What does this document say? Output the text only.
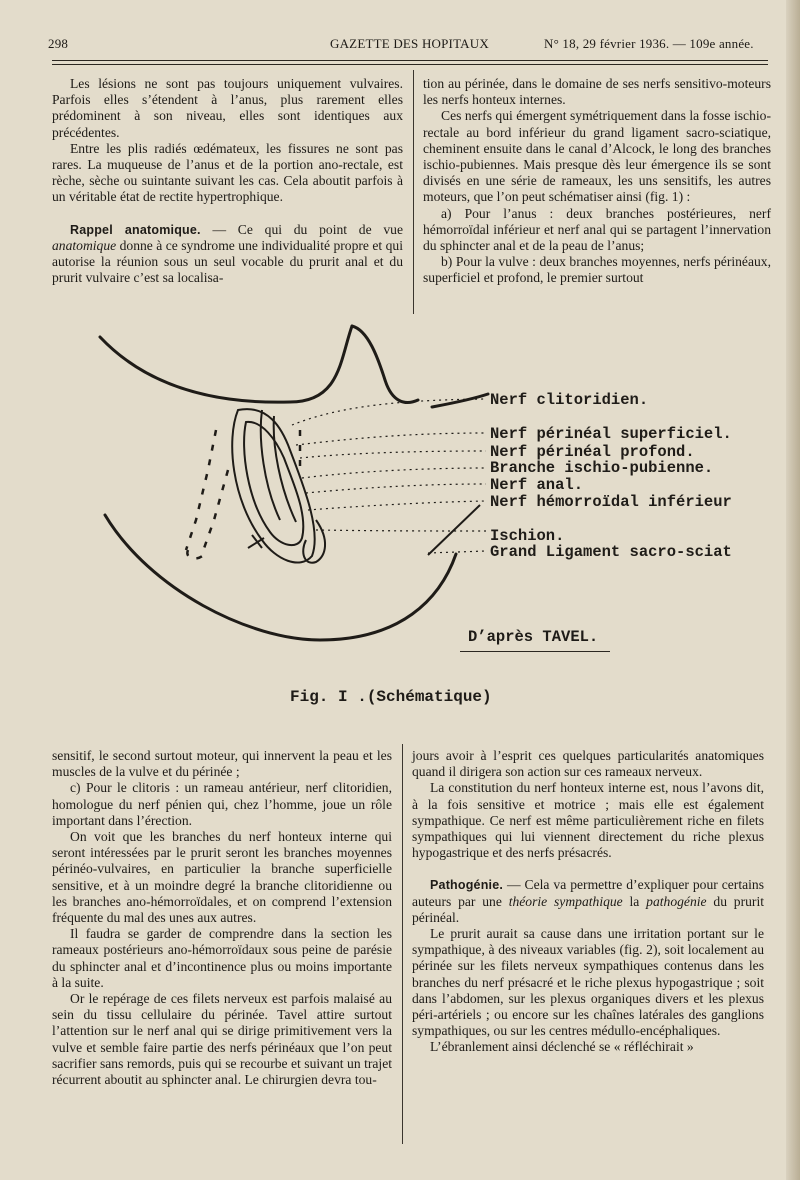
298	GAZETTE DES HOPITAUX	N° 18, 29 février 1936. — 109e année.

Les lésions ne sont pas toujours uniquement vulvaires. Parfois elles s’étendent à l’anus, plus rarement elles prédominent à son niveau, elles sont identiques aux précédentes.

Entre les plis radiés œdémateux, les fissures ne sont pas rares. La muqueuse de l’anus et de la portion ano-rectale, est rèche, sèche ou suintante suivant les cas. Cela aboutit parfois à un véritable état de rectite hypertrophique.

Rappel anatomique. — Ce qui du point de vue anatomique donne à ce syndrome une individualité propre et qui autorise la réunion sous un seul vocable du prurit anal et du prurit vulvaire c’est sa localisa-

tion au périnée, dans le domaine de ses nerfs sensitivo-moteurs les nerfs honteux internes.

Ces nerfs qui émergent symétriquement dans la fosse ischio-rectale au bord inférieur du grand ligament sacro-sciatique, cheminent ensuite dans le canal d’Alcock, le long des branches ischio-pubiennes. Mais presque dès leur émergence ils se sont divisés en une série de rameaux, les uns sensitifs, les autres moteurs, que l’on peut schématiser ainsi (fig. 1) :

a) Pour l’anus : deux branches postérieures, nerf hémorroïdal inférieur et nerf anal qui se partagent l’innervation du sphincter anal et de la peau de l’anus;

b) Pour la vulve : deux branches moyennes, nerfs périnéaux, superficiel et profond, le premier surtout

Nerf clitoridien.
Nerf périnéal superficiel.
Nerf périnéal profond.
Branche ischio-pubienne.
Nerf anal.
Nerf hémorroïdal inférieur
Ischion.
Grand Ligament sacro-sciat
D’après TAVEL.
Fig. I .(Schématique)

sensitif, le second surtout moteur, qui innervent la peau et les muscles de la vulve et du périnée ;

c) Pour le clitoris : un rameau antérieur, nerf clitoridien, homologue du nerf pénien qui, chez l’homme, joue un rôle important dans l’érection.

On voit que les branches du nerf honteux interne qui seront intéressées par le prurit seront les branches moyennes périnéo-vulvaires, en particulier la branche superficielle sensitive, et à un moindre degré la branche clitoridienne ou les branches ano-hémorroïdales, et on comprend l’extension fréquente du mal des unes aux autres.

Il faudra se garder de comprendre dans la section les rameaux postérieurs ano-hémorroïdaux sous peine de parésie du sphincter anal et d’incontinence plus ou moins importante à la suite.

Or le repérage de ces filets nerveux est parfois malaisé au sein du tissu cellulaire du périnée. Tavel attire surtout l’attention sur le nerf anal qui se dirige primitivement vers la vulve et semble faire partie des nerfs périnéaux que l’on peut sacrifier sans remords, puis qui se recourbe et suivant un trajet récurrent aboutit au sphincter anal. Le chirurgien devra tou-

jours avoir à l’esprit ces quelques particularités anatomiques quand il dirigera son action sur ces rameaux nerveux.

La constitution du nerf honteux interne est, nous l’avons dit, à la fois sensitive et motrice ; mais elle est également sympathique. Ce nerf est même particulièrement riche en filets sympathiques qui lui viennent directement du riche plexus hypogastrique et des nerfs présacrés.

Pathogénie. — Cela va permettre d’expliquer pour certains auteurs par une théorie sympathique la pathogénie du prurit périnéal.

Le prurit aurait sa cause dans une irritation portant sur le sympathique, à des niveaux variables (fig. 2), soit localement au périnée sur les filets nerveux sympathiques contenus dans les branches du nerf présacré et le riche plexus hypogastrique ; soit dans l’abdomen, sur les plexus organiques divers et les plexus péri-artériels ; ou encore sur les chaînes latérales des ganglions sympathiques, ou sur les centres médullo-encéphaliques.

L’ébranlement ainsi déclenché se « réfléchirait »
